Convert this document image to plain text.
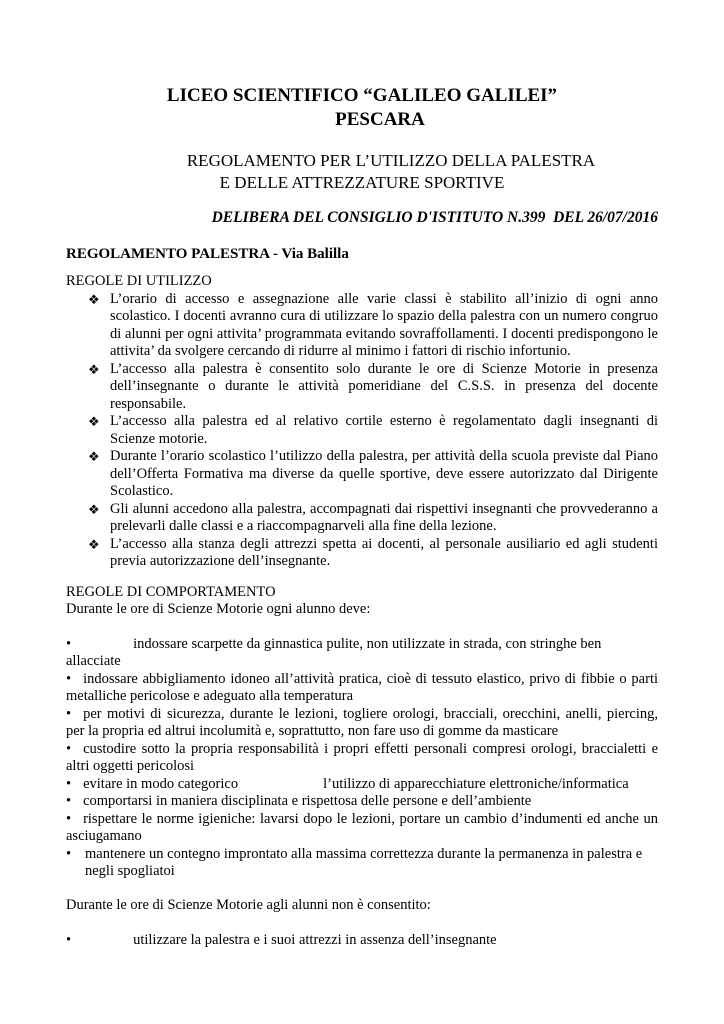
LICEO SCIENTIFICO “GALILEO GALILEI”
PESCARA
REGOLAMENTO PER L’UTILIZZO DELLA PALESTRA
E DELLE ATTREZZATURE SPORTIVE
DELIBERA DEL CONSIGLIO D'ISTITUTO N.399  DEL 26/07/2016
REGOLAMENTO PALESTRA - Via Balilla
REGOLE DI UTILIZZO
❖ L’orario di accesso e assegnazione alle varie classi è stabilito all’inizio di ogni anno scolastico. I docenti avranno cura di utilizzare lo spazio della palestra con un numero congruo di alunni per ogni attivita’ programmata evitando sovraffollamenti. I docenti predispongono le attivita’ da svolgere cercando di ridurre al minimo i fattori di rischio infortunio.
❖ L’accesso alla palestra è consentito solo durante le ore di Scienze Motorie in presenza dell’insegnante o durante le attività pomeridiane del C.S.S. in presenza del docente responsabile.
❖ L’accesso alla palestra ed al relativo cortile esterno è regolamentato dagli insegnanti di Scienze motorie.
❖ Durante l’orario scolastico l’utilizzo della palestra, per attività della scuola previste dal Piano dell’Offerta Formativa ma diverse da quelle sportive, deve essere autorizzato dal Dirigente Scolastico.
❖ Gli alunni accedono alla palestra, accompagnati dai rispettivi insegnanti che provvederanno a prelevarli dalle classi e a riaccompagnarveli alla fine della lezione.
❖ L’accesso alla stanza degli attrezzi spetta ai docenti, al personale ausiliario ed agli studenti previa autorizzazione dell’insegnante.
REGOLE DI COMPORTAMENTO
Durante le ore di Scienze Motorie ogni alunno deve:
•	indossare scarpette da ginnastica pulite, non utilizzate in strada, con stringhe ben allacciate
• indossare abbigliamento idoneo all’attività pratica, cioè di tessuto elastico, privo di fibbie o parti metalliche pericolose e adeguato alla temperatura
• per motivi di sicurezza, durante le lezioni, togliere orologi, bracciali, orecchini, anelli, piercing, per la propria ed altrui incolumità e, soprattutto, non fare uso di gomme da masticare
• custodire sotto la propria responsabilità i propri effetti personali compresi orologi, braccialetti e altri oggetti pericolosi
• evitare in modo categorico	l’utilizzo di apparecchiature elettroniche/informatica
• comportarsi in maniera disciplinata e rispettosa delle persone e dell’ambiente
• rispettare le norme igieniche: lavarsi dopo le lezioni, portare un cambio d’indumenti ed anche un asciugamano
• mantenere un contegno improntato alla massima correttezza durante la permanenza in palestra e negli spogliatoi
Durante le ore di Scienze Motorie agli alunni non è consentito:
•	utilizzare la palestra e i suoi attrezzi in assenza dell’insegnante
